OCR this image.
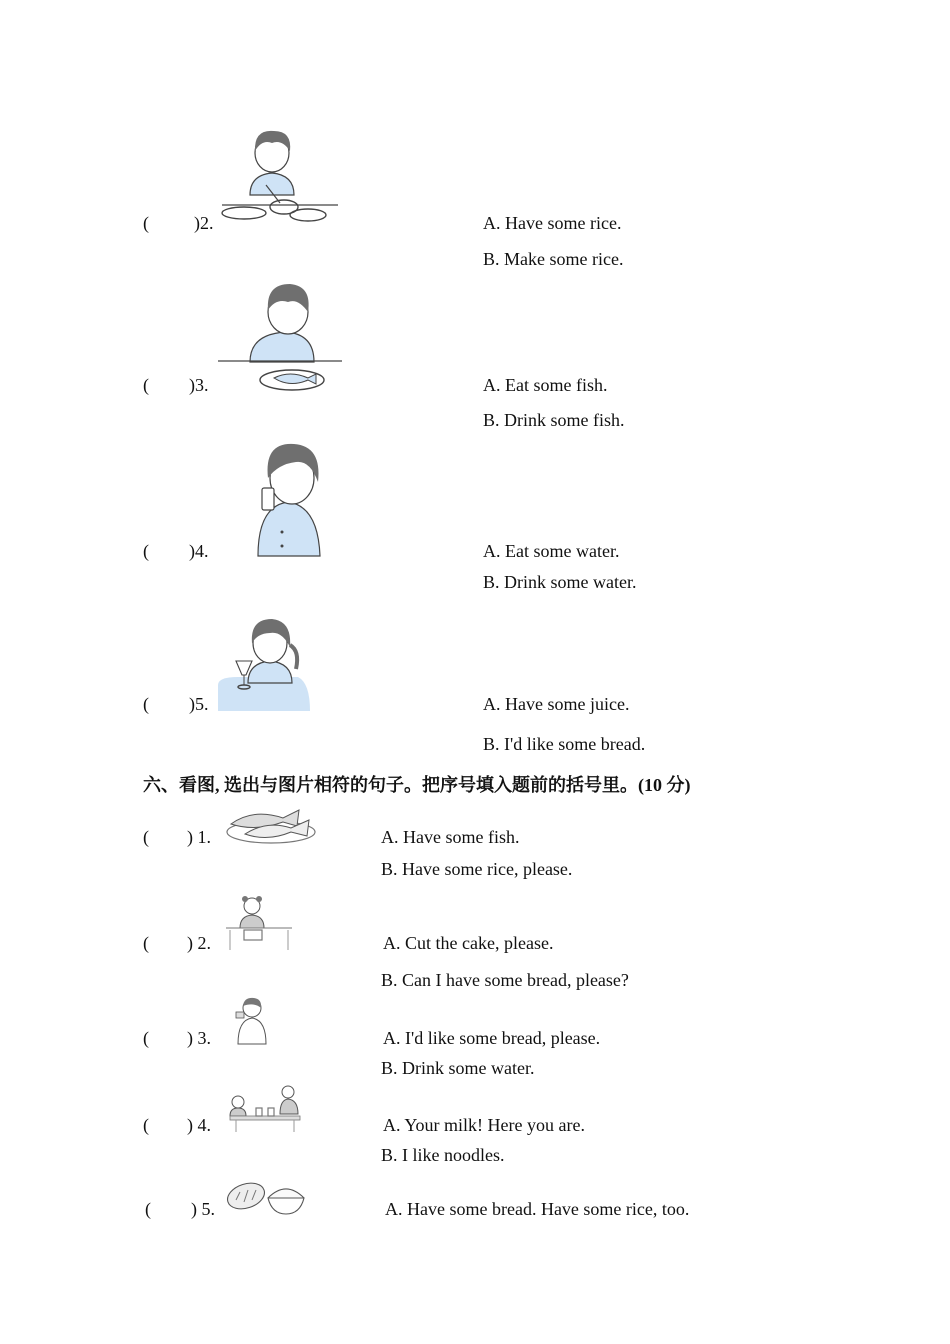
(	)2.	A. Have some rice.
B. Make some rice.
( )3.	A. Eat some fish.
B. Drink some fish.
( )4.	A. Eat some water.
B. Drink some water.
( )5.	A. Have some juice.
B. I'd like some bread.
六、看图, 选出与图片相符的句子。把序号填入题前的括号里。(10 分)
( ) 1.	A. Have some fish.
B. Have some rice, please.
( ) 2.	A. Cut the cake, please.
B. Can I have some bread, please?
( ) 3.	A. I'd like some bread, please.
B. Drink some water.
( ) 4.	A. Your milk! Here you are.
B. I like noodles.
( ) 5.	A. Have some bread. Have some rice, too.
